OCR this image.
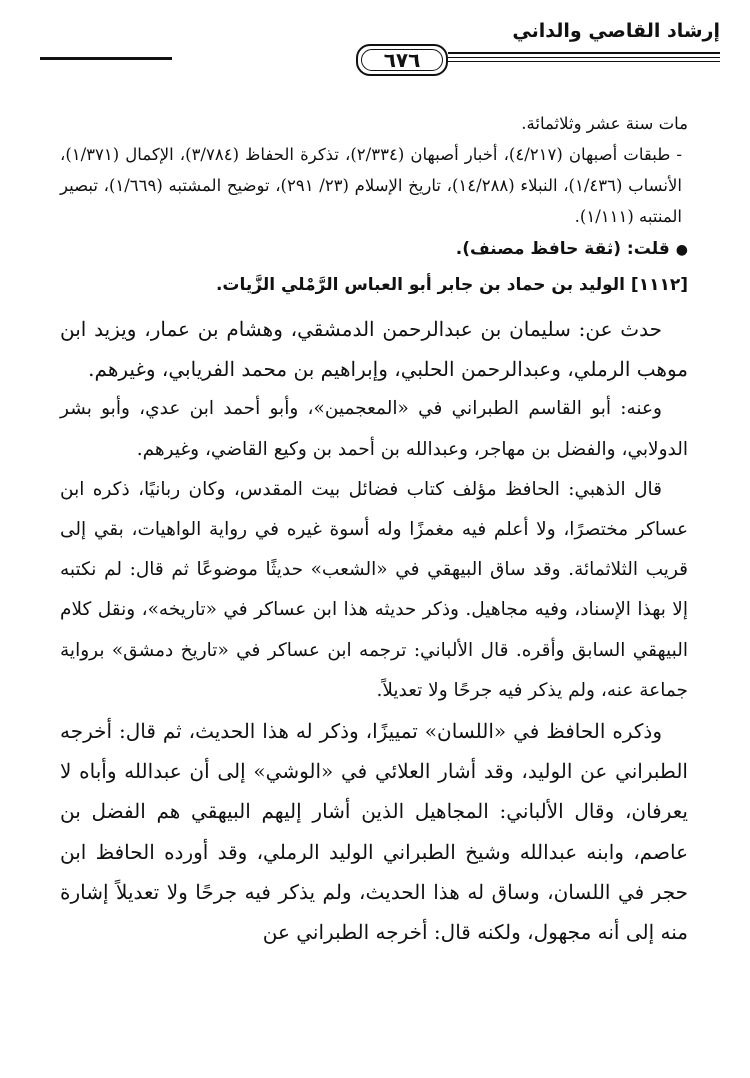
إرشاد القاصي والداني
٦٧٦

مات سنة عشر وثلاثمائة.

- طبقات أصبهان (٤/٢١٧)، أخبار أصبهان (٢/٣٣٤)، تذكرة الحفاظ (٣/٧٨٤)، الإكمال (١/٣٧١)، الأنساب (١/٤٣٦)، النبلاء (١٤/٢٨٨)، تاريخ الإسلام (٢٣/ ٢٩١)، توضيح المشتبه (١/٦٦٩)، تبصير المنتبه (١/١١١).

●قلت: (ثقة حافظ مصنف).

[١١١٢] الوليد بن حماد بن جابر أبو العباس الرَّمْلي الزَّيات.

حدث عن: سليمان بن عبدالرحمن الدمشقي، وهشام بن عمار، ويزيد ابن موهب الرملي، وعبدالرحمن الحلبي، وإبراهيم بن محمد الفريابي، وغيرهم.

وعنه: أبو القاسم الطبراني في «المعجمين»، وأبو أحمد ابن عدي، وأبو بشر الدولابي، والفضل بن مهاجر، وعبدالله بن أحمد بن وكيع القاضي، وغيرهم.

قال الذهبي: الحافظ مؤلف كتاب فضائل بيت المقدس، وكان ربانيًا، ذكره ابن عساكر مختصرًا، ولا أعلم فيه مغمزًا وله أسوة غيره في رواية الواهيات، بقي إلى قريب الثلاثمائة. وقد ساق البيهقي في «الشعب» حديثًا موضوعًا ثم قال: لم نكتبه إلا بهذا الإسناد، وفيه مجاهيل. وذكر حديثه هذا ابن عساكر في «تاريخه»، ونقل كلام البيهقي السابق وأقره. قال الألباني: ترجمه ابن عساكر في «تاريخ دمشق» برواية جماعة عنه، ولم يذكر فيه جرحًا ولا تعديلاً.

وذكره الحافظ في «اللسان» تمييزًا، وذكر له هذا الحديث، ثم قال: أخرجه الطبراني عن الوليد، وقد أشار العلائي في «الوشي» إلى أن عبدالله وأباه لا يعرفان، وقال الألباني: المجاهيل الذين أشار إليهم البيهقي هم الفضل بن عاصم، وابنه عبدالله وشيخ الطبراني الوليد الرملي، وقد أورده الحافظ ابن حجر في اللسان، وساق له هذا الحديث، ولم يذكر فيه جرحًا ولا تعديلاً إشارة منه إلى أنه مجهول، ولكنه قال: أخرجه الطبراني عن
